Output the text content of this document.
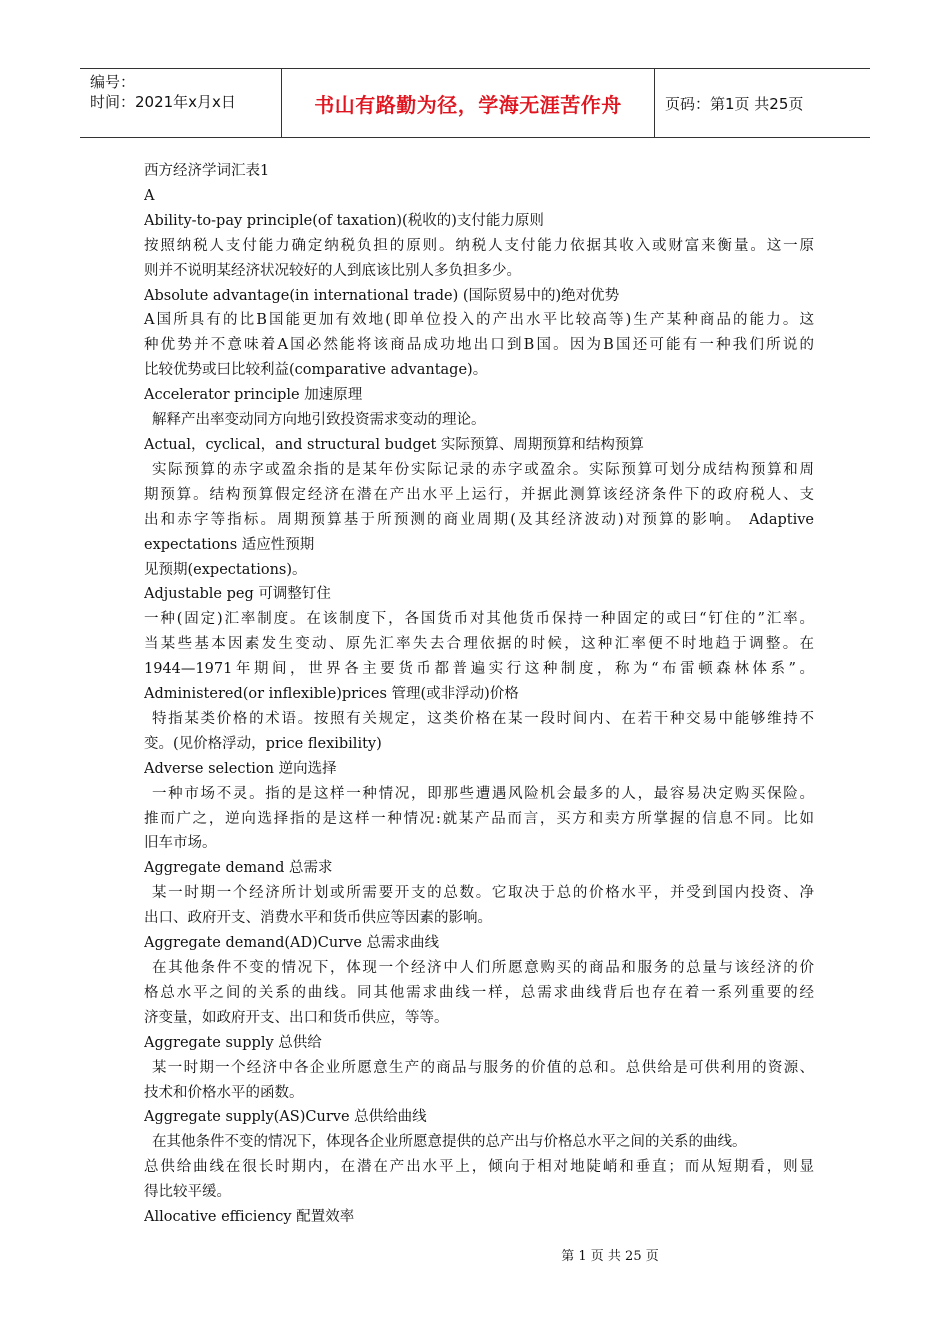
编号：
时间：2021年x月x日	书山有路勤为径，学海无涯苦作舟	页码：第1页 共25页
西方经济学词汇表1
A
Ability-to-pay principle(of taxation)(税收的)支付能力原则
按照纳税人支付能力确定纳税负担的原则。纳税人支付能力依据其收入或财富来衡量。这一原
则并不说明某经济状况较好的人到底该比别人多负担多少。
Absolute advantage(in international trade) (国际贸易中的)绝对优势
A国所具有的比B国能更加有效地(即单位投入的产出水平比较高等)生产某种商品的能力。这
种优势并不意味着A国必然能将该商品成功地出口到B国。因为B国还可能有一种我们所说的
比较优势或曰比较利益(comparative advantage)。
Accelerator principle 加速原理
解释产出率变动同方向地引致投资需求变动的理论。
Actual，cyclical，and structural budget 实际预算、周期预算和结构预算
实际预算的赤字或盈余指的是某年份实际记录的赤字或盈余。实际预算可划分成结构预算和周
期预算。结构预算假定经济在潜在产出水平上运行，并据此测算该经济条件下的政府税人、支
出和赤字等指标。周期预算基于所预测的商业周期(及其经济波动)对预算的影响。 Adaptive
expectations 适应性预期
见预期(expectations)。
Adjustable peg 可调整钉住
一种(固定)汇率制度。在该制度下，各国货币对其他货币保持一种固定的或曰“钉住的”汇率。
当某些基本因素发生变动、原先汇率失去合理依据的时候，这种汇率便不时地趋于调整。在
1944—1971年期间，世界各主要货币都普遍实行这种制度，称为“布雷顿森林体系”。
Administered(or inflexible)prices 管理(或非浮动)价格
特指某类价格的术语。按照有关规定，这类价格在某一段时间内、在若干种交易中能够维持不
变。(见价格浮动，price flexibility)
Adverse selection 逆向选择
一种市场不灵。指的是这样一种情况，即那些遭遇风险机会最多的人，最容易决定购买保险。
推而广之，逆向选择指的是这样一种情况:就某产品而言，买方和卖方所掌握的信息不同。比如
旧车市场。
Aggregate demand 总需求
某一时期一个经济所计划或所需要开支的总数。它取决于总的价格水平，并受到国内投资、净
出口、政府开支、消费水平和货币供应等因素的影响。
Aggregate demand(AD)Curve 总需求曲线
在其他条件不变的情况下，体现一个经济中人们所愿意购买的商品和服务的总量与该经济的价
格总水平之间的关系的曲线。同其他需求曲线一样，总需求曲线背后也存在着一系列重要的经
济变量，如政府开支、出口和货币供应，等等。
Aggregate supply 总供给
某一时期一个经济中各企业所愿意生产的商品与服务的价值的总和。总供给是可供利用的资源、
技术和价格水平的函数。
Aggregate supply(AS)Curve 总供给曲线
在其他条件不变的情况下，体现各企业所愿意提供的总产出与价格总水平之间的关系的曲线。
总供给曲线在很长时期内，在潜在产出水平上，倾向于相对地陡峭和垂直；而从短期看，则显
得比较平缓。
Allocative efficiency 配置效率
第 1 页 共 25 页
